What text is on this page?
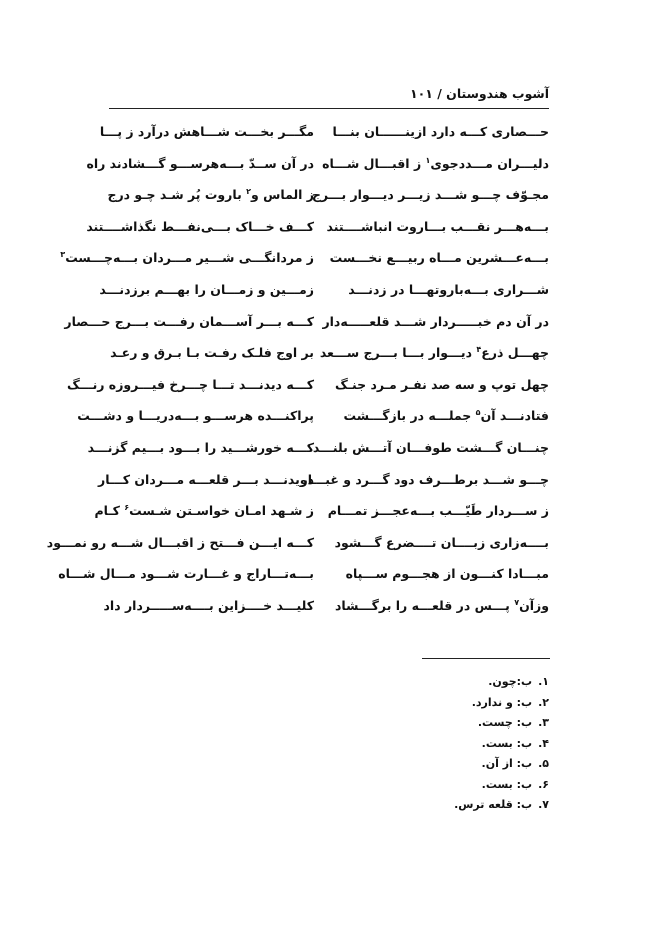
آشوب هندوستان / ۱۰۱
حـــصاری کـــه دارد ازینــــــان بنـــا
مگـــر بخـــت شـــاهش درآرد ز پـــا
دلیـــران مـــددجوی$^۱$ ز اقبـــال شـــاه
در آن ســدّ بـــه‌هرســـو گـــشادند راه
مجـوّف چـــو شـــد زیـــر دیـــوار بـــرج
ز الماس و$^۲$ باروت پُر شـد چـو درج
بـــه‌هـــر نقـــب بـــاروت انباشــــتند
کـــف خـــاک بـــی‌نفـــط نگذاشــــتند
بـــه‌عـــشرین مـــاه ربیـــع نخـــست
ز مردانگـــی شـــیر مـــردان بـــه‌چـــست$^۳$
شـــراری بـــه‌باروتهـــا در زدنـــد
زمـــین و زمـــان را بهـــم برزدنـــد
در آن دم خبـــــردار شـــد قلعـــــه‌دار
کـــه بـــر آســـمان رفـــت بـــرج حـــصار
چهـــل ذرع$^۴$ دیـــوار بـــا بـــرج ســـعد
بر اوج فلـک رفـت بـا بـرق و رعـد
چهل توپ و سه صد نفـر مـرد جنـگ
کـــه دیدنـــد تـــا چـــرخ فیـــروزه رنـــگ
فتادنـــد آن$^۵$ جملـــه در بازگـــشت
پراکنـــده هرســـو بـــه‌دریـــا و دشـــت
چنـــان گـــشت طوفـــان آتـــش بلنـــد
کـــه خورشـــید را بـــود بـــیم گزنـــد
چـــو شـــد برطـــرف دود گـــرد و غبـــار
دویدنـــد بـــر قلعـــه مـــردان کـــار
ز ســـردار طَیّـــب بـــه‌عجـــز تمـــام
ز شـهد امـان خواسـتن شـست$^۶$ کـام
بــــه‌زاری زبــــان تــــضرع گـــشود
کـــه ایـــن فـــتح ز اقبـــال شـــه رو نمـــود
مبـــادا کنـــون از هجـــوم ســـپاه
بـــه‌تـــاراج و غـــارت شـــود مـــال شـــاه
وزآن$^۷$ پـــس در قلعـــه را برگـــشاد
کلیـــد خــــزاین بــــه‌ســـــردار داد
۱.ب:چون.
۲.ب: و ندارد.
۳.ب: چست.
۴.ب: بست.
۵.ب: از آن.
۶.ب: بست.
۷.ب: قلعه ترس.
